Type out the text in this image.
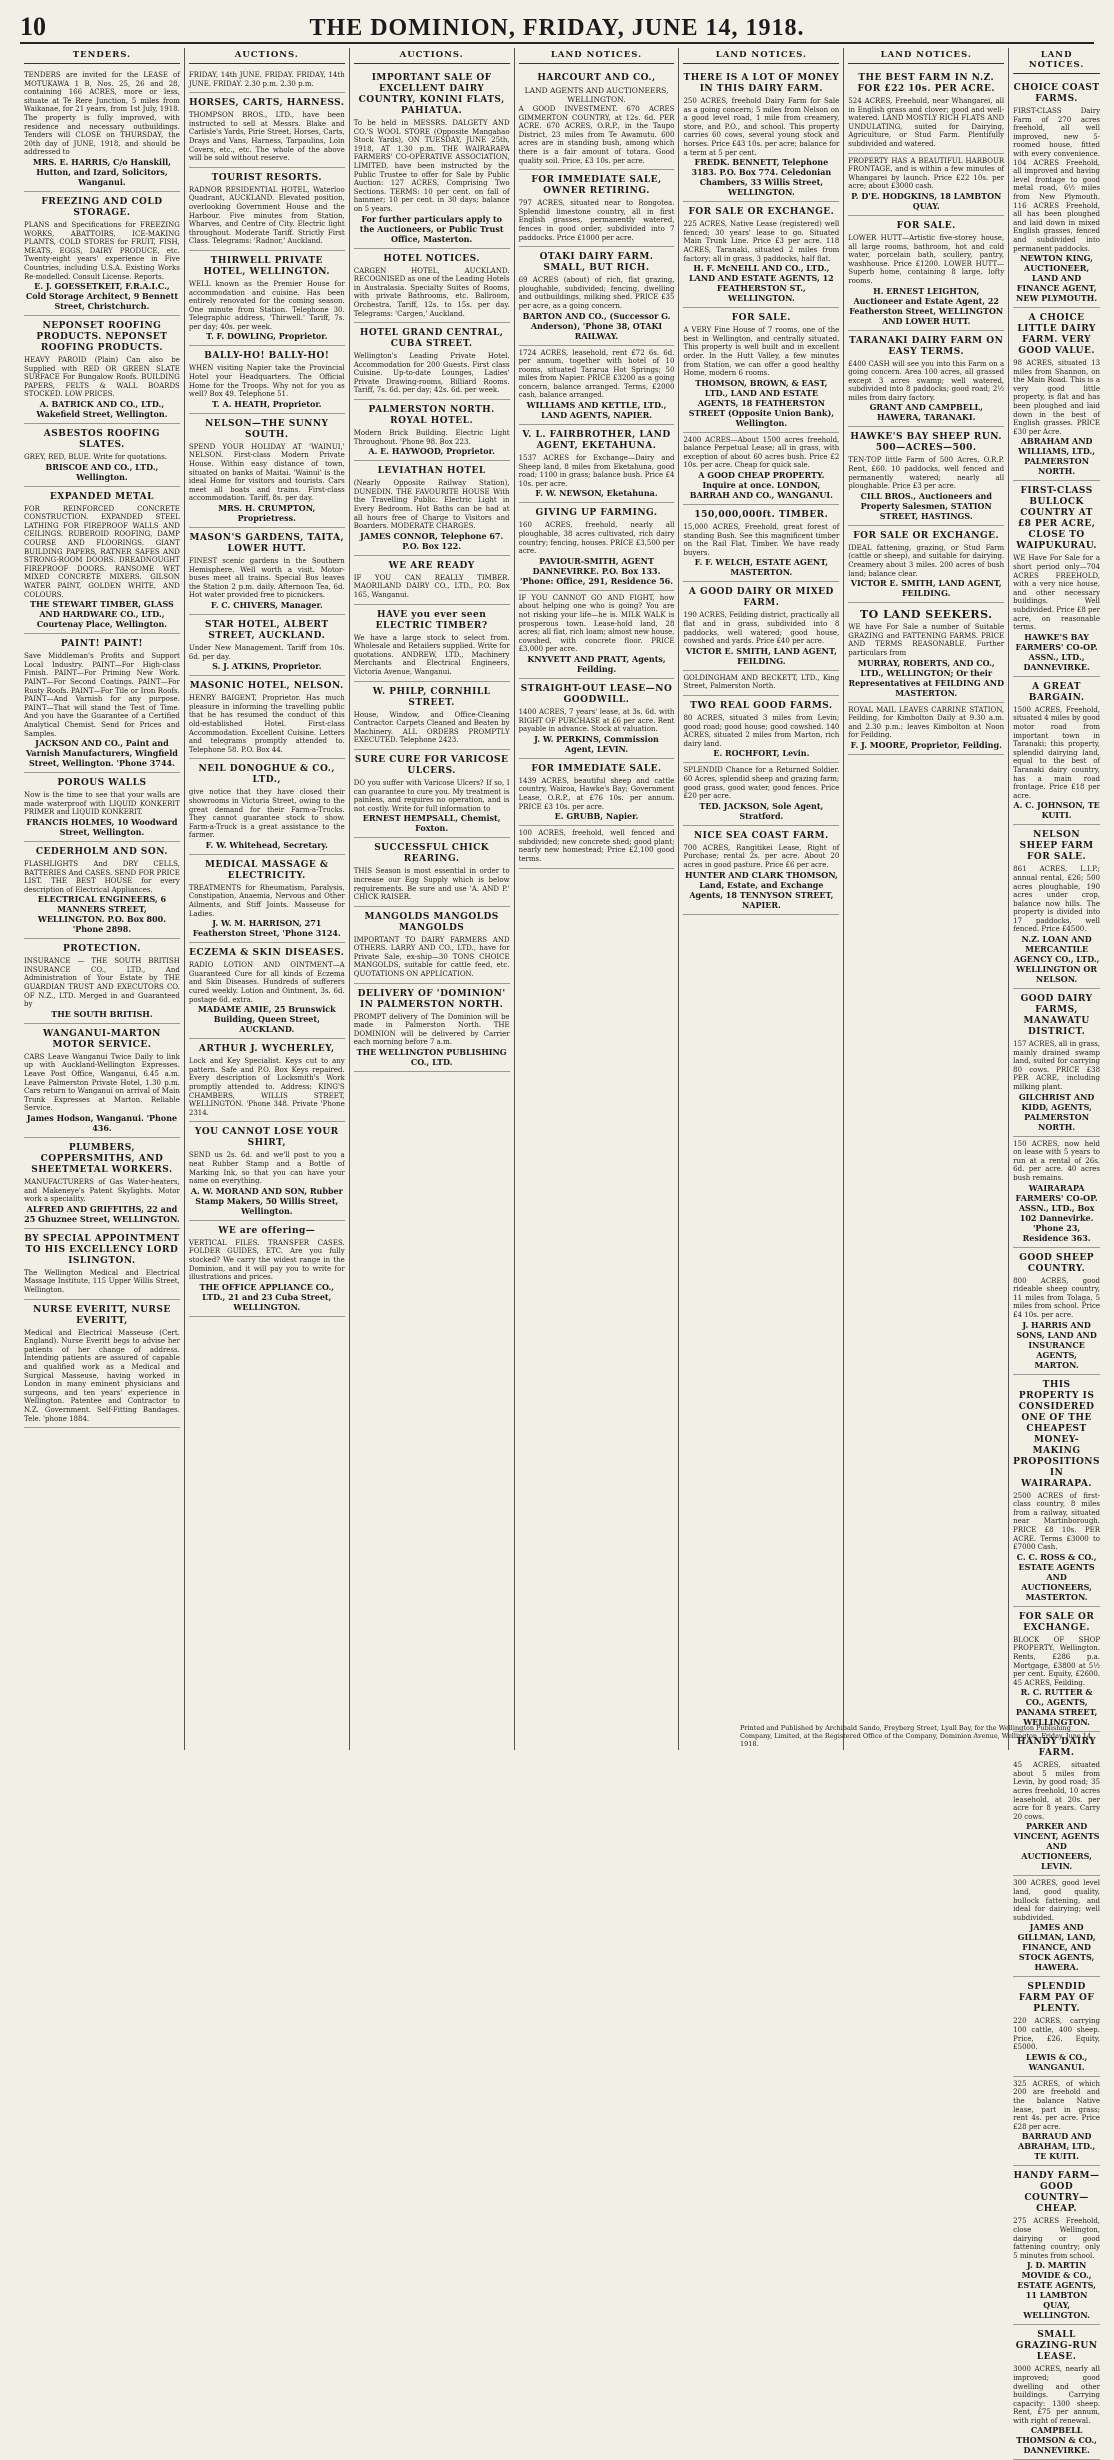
10	THE DOMINION, FRIDAY, JUNE 14, 1918.
TENDERS.
TENDERS are invited for the LEASE of MOTUKAWA 1 B, Nos. 25, 26 and 28, containing 166 ACRES, more or less, situate at Te Rere Junction, 5 miles from Waikanae, for 21 years, from 1st July, 1918. The property is fully improved, with residence and necessary outbuildings. Tenders will CLOSE on THURSDAY, the 20th day of JUNE, 1918, and should be addressed to
MRS. E. HARRIS, C/o Hanskill, Hutton, and Izard, Solicitors, Wanganui.
FREEZING AND COLD STORAGE.
PLANS and Specifications for FREEZING WORKS, ABATTOIRS, ICE-MAKING PLANTS, COLD STORES for FRUIT, FISH, MEATS, EGGS, DAIRY PRODUCE, etc. Twenty-eight years' experience in Five Countries, including U.S.A. Existing Works Re-modelled. Consult License. Reports.
E. J. GOESSETKEIT, F.R.A.I.C., Cold Storage Architect, 9 Bennett Street, Christchurch.
NEPONSET ROOFING PRODUCTS. NEPONSET ROOFING PRODUCTS.
HEAVY PAROID (Plain) Can also be Supplied with RED OR GREEN SLATE SURFACE For Bungalow Roofs. BUILDING PAPERS, FELTS & WALL BOARDS STOCKED. LOW PRICES.
A. BATRICK AND CO., LTD., Wakefield Street, Wellington.
ASBESTOS ROOFING SLATES.
GREY, RED, BLUE. Write for quotations.
BRISCOE AND CO., LTD., Wellington.
EXPANDED METAL
FOR REINFORCED CONCRETE CONSTRUCTION. EXPANDED STEEL LATHING FOR FIREPROOF WALLS AND CEILINGS. RUBEROID ROOFING, DAMP COURSE AND FLOORINGS. GIANT BUILDING PAPERS, RATNER SAFES AND STRONG-ROOM DOORS. DREADNOUGHT FIREPROOF DOORS. RANSOME WET MIXED CONCRETE MIXERS. GILSON WATER PAINT, GOLDEN WHITE, AND COLOURS.
THE STEWART TIMBER, GLASS AND HARDWARE CO., LTD., Courtenay Place, Wellington.
PAINT! PAINT!
Save Middleman's Profits and Support Local Industry. PAINT—For High-class Finish. PAINT—For Priming New Work. PAINT—For Second Coatings. PAINT—For Rusty Roofs. PAINT—For Tile or Iron Roofs. PAINT—And Varnish for any purpose. PAINT—That will stand the Test of Time. And you have the Guarantee of a Certified Analytical Chemist. Send for Prices and Samples.
JACKSON AND CO., Paint and Varnish Manufacturers, Wingfield Street, Wellington. 'Phone 3744.
POROUS WALLS
Now is the time to see that your walls are made waterproof with LIQUID KONKERIT PRIMER and LIQUID KONKERIT.
FRANCIS HOLMES, 10 Woodward Street, Wellington.
CEDERHOLM AND SON.
FLASHLIGHTS And DRY CELLS, BATTERIES And CASES. SEND FOR PRICE LIST. THE BEST HOUSE for every description of Electrical Appliances.
ELECTRICAL ENGINEERS, 6 MANNERS STREET, WELLINGTON. P.O. Box 800. 'Phone 2898.
PROTECTION.
INSURANCE — THE SOUTH BRITISH INSURANCE CO., LTD., And Administration of Your Estate by THE GUARDIAN TRUST AND EXECUTORS CO. OF N.Z., LTD. Merged in and Guaranteed by
THE SOUTH BRITISH.
WANGANUI-MARTON MOTOR SERVICE.
CARS Leave Wanganui Twice Daily to link up with Auckland-Wellington Expresses. Leave Post Office, Wanganui, 6.45 a.m. Leave Palmerston Private Hotel, 1.30 p.m. Cars return to Wanganui on arrival of Main Trunk Expresses at Marton. Reliable Service.
James Hodson, Wanganui. 'Phone 436.
PLUMBERS, COPPERSMITHS, AND SHEETMETAL WORKERS.
MANUFACTURERS of Gas Water-heaters, and Makeneye's Patent Skylights. Motor work a speciality.
ALFRED AND GRIFFITHS, 22 and 25 Ghuznee Street, WELLINGTON.
BY SPECIAL APPOINTMENT TO HIS EXCELLENCY LORD ISLINGTON.
The Wellington Medical and Electrical Massage Institute, 115 Upper Willis Street, Wellington.
NURSE EVERITT, NURSE EVERITT,
Medical and Electrical Masseuse (Cert. England). Nurse Everitt begs to advise her patients of her change of address. Intending patients are assured of capable and qualified work as a Medical and Surgical Masseuse, having worked in London in many eminent physicians and surgeons, and ten years' experience in Wellington. Patentee and Contractor to N.Z. Government. Self-Fitting Bandages. Tele. 'phone 1884.
AUCTIONS.
FRIDAY, 14th JUNE. FRIDAY. FRIDAY, 14th JUNE. FRIDAY. 2.30 p.m. 2.30 p.m.
HORSES, CARTS, HARNESS.
THOMPSON BROS., LTD., have been instructed to sell at Messrs. Blake and Carlisle's Yards, Pirie Street, Horses, Carts, Drays and Vans, Harness, Tarpaulins, Loin Covers, etc., etc. The whole of the above will be sold without reserve.
TOURIST RESORTS.
RADNOR RESIDENTIAL HOTEL, Waterloo Quadrant, AUCKLAND. Elevated position, overlooking Government House and the Harbour. Five minutes from Station, Wharves, and Centre of City. Electric light throughout. Moderate Tariff. Strictly First Class. Telegrams: 'Radnor,' Auckland.
THIRWELL PRIVATE HOTEL, WELLINGTON.
WELL known as the Premier House for accommodation and cuisine. Has been entirely renovated for the coming season. One minute from Station. Telephone 30. Telegraphic address, 'Thirwell.' Tariff, 7s. per day; 40s. per week.
T. F. DOWLING, Proprietor.
BALLY-HO! BALLY-HO!
WHEN visiting Napier take the Provincial Hotel your Headquarters. The Official Home for the Troops. Why not for you as well? Box 49. Telephone 51.
T. A. HEATH, Proprietor.
NELSON—THE SUNNY SOUTH.
SPEND YOUR HOLIDAY AT 'WAINUI,' NELSON. First-class Modern Private House. Within easy distance of town, situated on banks of Maitai. 'Wainui' is the ideal Home for visitors and tourists. Cars meet all boats and trains. First-class accommodation. Tariff, 8s. per day.
MRS. H. CRUMPTON, Proprietress.
MASON'S GARDENS, TAITA, LOWER HUTT.
FINEST scenic gardens in the Southern Hemisphere. Well worth a visit. Motor-buses meet all trains. Special Bus leaves the Station 2 p.m. daily. Afternoon Tea, 6d. Hot water provided free to picnickers.
F. C. CHIVERS, Manager.
STAR HOTEL, ALBERT STREET, AUCKLAND.
Under New Management. Tariff from 10s. 6d. per day.
S. J. ATKINS, Proprietor.
MASONIC HOTEL, NELSON.
HENRY BAIGENT, Proprietor. Has much pleasure in informing the travelling public that he has resumed the conduct of this old-established Hotel. First-class Accommodation. Excellent Cuisine. Letters and telegrams promptly attended to. Telephone 58. P.O. Box 44.
NEIL DONOGHUE & CO., LTD.,
give notice that they have closed their showrooms in Victoria Street, owing to the great demand for their Farm-a-Trucks. They cannot guarantee stock to show. Farm-a-Truck is a great assistance to the farmer.
F. W. Whitehead, Secretary.
MEDICAL MASSAGE & ELECTRICITY.
TREATMENTS for Rheumatism, Paralysis, Constipation, Anaemia, Nervous and Other Ailments, and Stiff Joints. Masseuse for Ladies.
J. W. M. HARRISON, 271 Featherston Street, 'Phone 3124.
ECZEMA & SKIN DISEASES.
RADIO LOTION AND OINTMENT—A Guaranteed Cure for all kinds of Eczema and Skin Diseases. Hundreds of sufferers cured weekly. Lotion and Ointment, 3s. 6d. postage 6d. extra.
MADAME AMIE, 25 Brunswick Building, Queen Street, AUCKLAND.
ARTHUR J. WYCHERLEY,
Lock and Key Specialist. Keys cut to any pattern. Safe and P.O. Box Keys repaired. Every description of Locksmith's Work promptly attended to. Address: KING'S CHAMBERS, WILLIS STREET, WELLINGTON. 'Phone 348. Private 'Phone 2314.
YOU CANNOT LOSE YOUR SHIRT,
SEND us 2s. 6d. and we'll post to you a neat Rubber Stamp and a Bottle of Marking Ink, so that you can have your name on everything.
A. W. MORAND AND SON, Rubber Stamp Makers, 50 Willis Street, Wellington.
WE are offering—
VERTICAL FILES. TRANSFER CASES. FOLDER GUIDES, ETC. Are you fully stocked? We carry the widest range in the Dominion, and it will pay you to write for illustrations and prices.
THE OFFICE APPLIANCE CO., LTD., 21 and 23 Cuba Street, WELLINGTON.
AUCTIONS.
IMPORTANT SALE OF EXCELLENT DAIRY COUNTRY, KONINI FLATS, PAHIATUA.
To be held in MESSRS. DALGETY AND CO.'S WOOL STORE (Opposite Mangahao Stock Yards), ON TUESDAY, JUNE 25th, 1918, AT 1.30 p.m. THE WAIRARAPA FARMERS' CO-OPERATIVE ASSOCIATION, LIMITED, have been instructed by the Public Trustee to offer for Sale by Public Auction: 127 ACRES, Comprising Two Sections. TERMS: 10 per cent. on fall of hammer; 10 per cent. in 30 days; balance on 5 years.
For further particulars apply to the Auctioneers, or Public Trust Office, Masterton.
HOTEL NOTICES.
CARGEN HOTEL, AUCKLAND. RECOGNISED as one of the Leading Hotels in Australasia. Specialty Suites of Rooms, with private Bathrooms, etc. Ballroom, Orchestra. Tariff, 12s. to 15s. per day. Telegrams: 'Cargen,' Auckland.
HOTEL GRAND CENTRAL, CUBA STREET.
Wellington's Leading Private Hotel. Accommodation for 200 Guests. First class Cuisine. Up-to-date Lounges, Ladies' Private Drawing-rooms, Billiard Rooms. Tariff, 7s. 6d. per day; 42s. 6d. per week.
PALMERSTON NORTH. ROYAL HOTEL.
Modern Brick Building. Electric Light Throughout. 'Phone 98. Box 223.
A. E. HAYWOOD, Proprietor.
LEVIATHAN HOTEL
(Nearly Opposite Railway Station), DUNEDIN. THE FAVOURITE HOUSE With the Travelling Public. Electric Light in Every Bedroom. Hot Baths can be had at all hours free of Charge to Visitors and Boarders. MODERATE CHARGES.
JAMES CONNOR, Telephone 67. P.O. Box 122.
WE ARE READY
IF YOU CAN REALLY TIMBER. MAORILAND DAIRY CO., LTD., P.O. Box 165, Wanganui.
HAVE you ever seen ELECTRIC TIMBER?
We have a large stock to select from. Wholesale and Retailers supplied. Write for quotations. ANDREW, LTD., Machinery Merchants and Electrical Engineers, Victoria Avenue, Wanganui.
W. PHILP, CORNHILL STREET.
House, Window, and Office-Cleaning Contractor. Carpets Cleaned and Beaten by Machinery. ALL ORDERS PROMPTLY EXECUTED. Telephone 2423.
SURE CURE FOR VARICOSE ULCERS.
DO you suffer with Varicose Ulcers? If so, I can guarantee to cure you. My treatment is painless, and requires no operation, and is not costly. Write for full information to
ERNEST HEMPSALL, Chemist, Foxton.
SUCCESSFUL CHICK REARING.
THIS Season is most essential in order to increase our Egg Supply which is below requirements. Be sure and use 'A. AND P.' CHICK RAISER.
MANGOLDS MANGOLDS MANGOLDS
IMPORTANT TO DAIRY FARMERS AND OTHERS. LARRY AND CO., LTD., have for Private Sale, ex-ship—30 TONS CHOICE MANGOLDS, suitable for cattle feed, etc. QUOTATIONS ON APPLICATION.
DELIVERY OF 'DOMINION' IN PALMERSTON NORTH.
PROMPT delivery of The Dominion will be made in Palmerston North. THE DOMINION will be delivered by Carrier each morning before 7 a.m.
THE WELLINGTON PUBLISHING CO., LTD.
LAND NOTICES.
HARCOURT AND CO.,
LAND AGENTS AND AUCTIONEERS, WELLINGTON.
A GOOD INVESTMENT. 670 ACRES GIMMERTON COUNTRY, at 12s. 6d. PER ACRE. 670 ACRES, O.R.P., in the Taupo District, 23 miles from Te Awamutu. 600 acres are in standing bush, among which there is a fair amount of totara. Good quality soil. Price, £3 10s. per acre.
FOR IMMEDIATE SALE, OWNER RETIRING.
797 ACRES, situated near to Rongotea. Splendid limestone country, all in first English grasses, permanently watered, fences in good order, subdivided into 7 paddocks. Price £1000 per acre.
OTAKI DAIRY FARM. SMALL, BUT RICH.
69 ACRES (about) of rich, flat grazing, ploughable, subdivided; fencing, dwelling and outbuildings, milking shed. PRICE £35 per acre, as a going concern.
BARTON AND CO., (Successor G. Anderson), 'Phone 38, OTAKI RAILWAY.
1724 ACRES, leasehold, rent £72 6s. 6d. per annum, together with hotel of 10 rooms, situated Tararua Hot Springs; 50 miles from Napier. PRICE £3200 as a going concern, balance arranged. Terms, £2000 cash, balance arranged.
WILLIAMS AND KETTLE, LTD., LAND AGENTS, NAPIER.
V. L. FAIRBROTHER, LAND AGENT, EKETAHUNA.
1537 ACRES for Exchange—Dairy and Sheep land, 8 miles from Eketahuna, good road; 1100 in grass; balance bush. Price £4 10s. per acre.
F. W. NEWSON, Eketahuna.
GIVING UP FARMING.
160 ACRES, freehold, nearly all ploughable, 38 acres cultivated, rich dairy country; fencing, houses. PRICE £3,500 per acre.
PAVIOUR-SMITH, AGENT DANNEVIRKE. P.O. Box 133. 'Phone: Office, 291, Residence 56.
IF YOU CANNOT GO AND FIGHT, how about helping one who is going? You are not risking your life—he is. MILK WALK is prosperous town. Lease-hold land, 28 acres; all flat, rich loam; almost new house, cowshed, with concrete floor. PRICE £3,000 per acre.
KNYVETT AND PRATT, Agents, Feilding.
STRAIGHT-OUT LEASE—NO GOODWILL.
1400 ACRES, 7 years' lease, at 3s. 6d. with RIGHT OF PURCHASE at £6 per acre. Rent payable in advance. Stock at valuation.
J. W. PERKINS, Commission Agent, LEVIN.
FOR IMMEDIATE SALE.
1439 ACRES, beautiful sheep and cattle country, Wairoa, Hawke's Bay; Government Lease, O.R.P., at £76 10s. per annum. PRICE £3 10s. per acre.
E. GRUBB, Napier.
100 ACRES, freehold, well fenced and subdivided; new concrete shed; good plant; nearly new homestead; Price £2,100 good terms.
LAND NOTICES.
THERE IS A LOT OF MONEY IN THIS DAIRY FARM.
250 ACRES, freehold Dairy Farm for Sale as a going concern; 5 miles from Nelson on a good level road, 1 mile from creamery, store, and P.O., and school. This property carries 60 cows, several young stock and horses. Price £43 10s. per acre; balance for a term at 5 per cent.
FREDK. BENNETT, Telephone 3183. P.O. Box 774. Celedonian Chambers, 33 Willis Street, WELLINGTON.
FOR SALE OR EXCHANGE.
225 ACRES, Native Lease (registered) well fenced; 30 years' lease to go. Situated Main Trunk Line. Price £3 per acre. 118 ACRES, Taranaki, situated 2 miles from factory; all in grass, 3 paddocks, half flat.
H. F. McNEILL AND CO., LTD., LAND AND ESTATE AGENTS, 12 FEATHERSTON ST., WELLINGTON.
FOR SALE.
A VERY Fine House of 7 rooms, one of the best in Wellington, and centrally situated. This property is well built and in excellent order. In the Hutt Valley, a few minutes from Station, we can offer a good healthy Home, modern 6 rooms.
THOMSON, BROWN, & EAST, LTD., LAND AND ESTATE AGENTS, 18 FEATHERSTON STREET (Opposite Union Bank), Wellington.
2400 ACRES—About 1500 acres freehold, balance Perpetual Lease; all in grass, with exception of about 60 acres bush. Price £2 10s. per acre. Cheap for quick sale.
A GOOD CHEAP PROPERTY. Inquire at once. LONDON, BARRAH AND CO., WANGANUI.
150,000,000ft. TIMBER.
15,000 ACRES, Freehold, great forest of standing Bush. See this magnificent timber on the Rail Flat, Timber. We have ready buyers.
F. F. WELCH, ESTATE AGENT, MASTERTON.
A GOOD DAIRY OR MIXED FARM.
190 ACRES, Feilding district, practically all flat and in grass, subdivided into 8 paddocks, well watered; good house, cowshed and yards. Price £40 per acre.
VICTOR E. SMITH, LAND AGENT, FEILDING.
GOLDINGHAM AND BECKETT, LTD., King Street, Palmerston North.
TWO REAL GOOD FARMS.
80 ACRES, situated 3 miles from Levin; good road; good house; good cowshed. 140 ACRES, situated 2 miles from Marton, rich dairy land.
E. ROCHFORT, Levin.
SPLENDID Chance for a Returned Soldier. 60 Acres, splendid sheep and grazing farm; good grass, good water, good fences. Price £20 per acre.
TED. JACKSON, Sole Agent, Stratford.
NICE SEA COAST FARM.
700 ACRES, Rangitikei Lease, Right of Purchase; rental 2s. per acre. About 20 acres in good pasture. Price £6 per acre.
HUNTER AND CLARK THOMSON, Land, Estate, and Exchange Agents, 18 TENNYSON STREET, NAPIER.
LAND NOTICES.
THE BEST FARM IN N.Z. FOR £22 10s. PER ACRE.
524 ACRES, Freehold, near Whangarei, all in English grass and clover; good and well-watered. LAND MOSTLY RICH FLATS AND UNDULATING, suited for Dairying, Agriculture, or Stud Farm. Plentifully subdivided and watered.
PROPERTY HAS A BEAUTIFUL HARBOUR FRONTAGE, and is within a few minutes of Whangarei by launch. Price £22 10s. per acre; about £3000 cash.
P. D'E. HODGKINS, 18 LAMBTON QUAY.
FOR SALE.
LOWER HUTT—Artistic five-storey house, all large rooms, bathroom, hot and cold water, porcelain bath, scullery, pantry, washhouse. Price £1200. LOWER HUTT—Superb home, containing 8 large, lofty rooms.
H. ERNEST LEIGHTON, Auctioneer and Estate Agent, 22 Featherston Street, WELLINGTON AND LOWER HUTT.
TARANAKI DAIRY FARM ON EASY TERMS.
£400 CASH will see you into this Farm on a going concern. Area 100 acres, all grassed except 3 acres swamp; well watered, subdivided into 8 paddocks; good road; 2½ miles from dairy factory.
GRANT AND CAMPBELL, HAWERA, TARANAKI.
HAWKE'S BAY SHEEP RUN. 500—ACRES—500.
TEN-TOP little Farm of 500 Acres, O.R.P. Rent, £60. 10 paddocks, well fenced and permanently watered; nearly all ploughable. Price £3 per acre.
CILL BROS., Auctioneers and Property Salesmen, STATION STREET, HASTINGS.
FOR SALE OR EXCHANGE.
IDEAL fattening, grazing, or Stud Farm (cattle or sheep), and suitable for dairying. Creamery about 3 miles. 200 acres of bush land; balance clear.
VICTOR E. SMITH, LAND AGENT, FEILDING.
TO LAND SEEKERS.
WE have For Sale a number of Suitable GRAZING and FATTENING FARMS. PRICE AND TERMS REASONABLE. Further particulars from
MURRAY, ROBERTS, AND CO., LTD., WELLINGTON; Or their Representatives at FEILDING AND MASTERTON.
ROYAL MAIL LEAVES CARRINE STATION, Feilding, for Kimbolton Daily at 9.30 a.m. and 2.30 p.m.; leaves Kimbolton at Noon for Feilding.
F. J. MOORE, Proprietor, Feilding.
LAND NOTICES.
CHOICE COAST FARMS.
FIRST-CLASS Dairy Farm of 270 acres freehold, all well improved, new 5-roomed house, fitted with every convenience. 104 ACRES Freehold, all improved and having level frontage to good metal road, 6½ miles from New Plymouth. 116 ACRES Freehold, all has been ploughed and laid down in mixed English grasses, fenced and subdivided into permanent paddocks.
NEWTON KING, AUCTIONEER, LAND AND FINANCE AGENT, NEW PLYMOUTH.
A CHOICE LITTLE DAIRY FARM. VERY GOOD VALUE.
98 ACRES, situated 13 miles from Shannon, on the Main Road. This is a very good little property, is flat and has been ploughed and laid down in the best of English grasses. PRICE £30 per Acre.
ABRAHAM AND WILLIAMS, LTD., PALMERSTON NORTH.
FIRST-CLASS BULLOCK COUNTRY AT £8 PER ACRE, CLOSE TO WAIPUKURAU.
WE Have For Sale for a short period only—704 ACRES FREEHOLD, with a very nice house, and other necessary buildings. Well subdivided. Price £8 per acre, on reasonable terms.
HAWKE'S BAY FARMERS' CO-OP. ASSN., LTD., DANNEVIRKE.
A GREAT BARGAIN.
1500 ACRES, Freehold, situated 4 miles by good motor road from important town in Taranaki; this property, splendid dairying land, equal to the best of Taranaki dairy country, has a main road frontage. Price £18 per acre.
A. C. JOHNSON, TE KUITI.
NELSON SHEEP FARM FOR SALE.
861 ACRES, L.I.P.; annual rental, £26; 500 acres ploughable, 190 acres under crop, balance now hills. The property is divided into 17 paddocks, well fenced. Price £4500.
N.Z. LOAN AND MERCANTILE AGENCY CO., LTD., WELLINGTON OR NELSON.
GOOD DAIRY FARMS, MANAWATU DISTRICT.
157 ACRES, all in grass, mainly drained swamp land, suited for carrying 80 cows. PRICE £38 PER ACRE, including milking plant.
GILCHRIST AND KIDD, AGENTS, PALMERSTON NORTH.
150 ACRES, now held on lease with 5 years to run at a rental of 26s. 6d. per acre. 40 acres bush remains.
WAIRARAPA FARMERS' CO-OP. ASSN., LTD., Box 102 Dannevirke. 'Phone 23, Residence 363.
GOOD SHEEP COUNTRY.
800 ACRES, good rideable sheep country, 11 miles from Tolaga, 5 miles from school. Price £4 10s. per acre.
J. HARRIS AND SONS, LAND AND INSURANCE AGENTS, MARTON.
THIS PROPERTY IS CONSIDERED ONE OF THE CHEAPEST MONEY-MAKING PROPOSITIONS IN WAIRARAPA.
2500 ACRES of first-class country, 8 miles from a railway, situated near Martinborough. PRICE £8 10s. PER ACRE. Terms £3000 to £7000 Cash.
C. C. ROSS & CO., ESTATE AGENTS AND AUCTIONEERS, MASTERTON.
FOR SALE OR EXCHANGE.
BLOCK OF SHOP PROPERTY, Wellington. Rents, £286 p.a. Mortgage, £3800 at 5½ per cent. Equity, £2600. 45 ACRES, Feilding.
R. C. RUTTER & CO., AGENTS, PANAMA STREET, WELLINGTON.
HANDY DAIRY FARM.
45 ACRES, situated about 5 miles from Levin, by good road; 35 acres freehold, 10 acres leasehold, at 20s. per acre for 8 years. Carry 20 cows.
PARKER AND VINCENT, AGENTS AND AUCTIONEERS, LEVIN.
300 ACRES, good level land, good quality, bullock fattening, and ideal for dairying; well subdivided.
JAMES AND GILLMAN, LAND, FINANCE, AND STOCK AGENTS, HAWERA.
SPLENDID FARM PAY OF PLENTY.
220 ACRES, carrying 100 cattle, 400 sheep. Price, £26. Equity, £5000.
LEWIS & CO., WANGANUI.
325 ACRES, of which 200 are freehold and the balance Native lease, part in grass; rent 4s. per acre. Price £28 per acre.
BARRAUD AND ABRAHAM, LTD., TE KUITI.
HANDY FARM—GOOD COUNTRY—CHEAP.
275 ACRES Freehold, close Wellington, dairying or good fattening country; only 5 minutes from school.
J. D. MARTIN MOVIDE & CO., ESTATE AGENTS, 11 LAMBTON QUAY, WELLINGTON.
SMALL GRAZING-RUN LEASE.
3000 ACRES, nearly all improved; good dwelling and other buildings. Carrying capacity: 1300 sheep. Rent, £75 per annum, with right of renewal.
CAMPBELL THOMSON & CO., DANNEVIRKE.
Printed and Published by Archibald Sando, Freyberg Street, Lyall Bay, for the Wellington Publishing Company, Limited, at the Registered Office of the Company, Dominion Avenue, Wellington, Friday, June 14, 1918.
